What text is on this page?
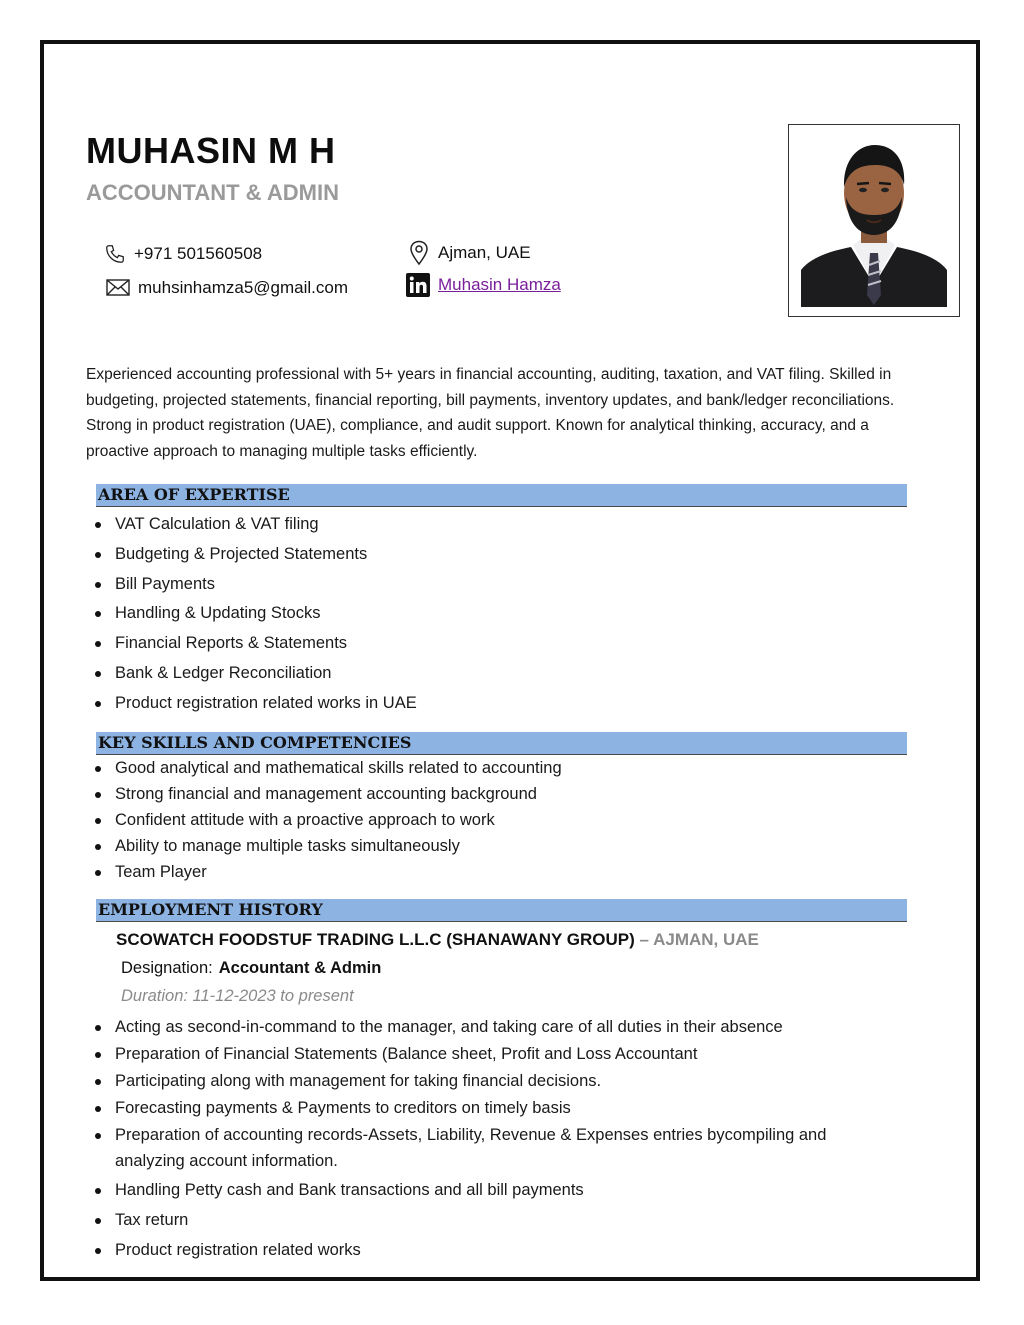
MUHASIN M H
ACCOUNTANT & ADMIN
+971 501560508	Ajman, UAE
muhsinhamza5@gmail.com	Muhasin Hamza

Experienced accounting professional with 5+ years in financial accounting, auditing, taxation, and VAT filing. Skilled in budgeting, projected statements, financial reporting, bill payments, inventory updates, and bank/ledger reconciliations. Strong in product registration (UAE), compliance, and audit support. Known for analytical thinking, accuracy, and a proactive approach to managing multiple tasks efficiently.

AREA OF EXPERTISE
VAT Calculation & VAT filing
Budgeting & Projected Statements
Bill Payments
Handling & Updating Stocks
Financial Reports & Statements
Bank & Ledger Reconciliation
Product registration related works in UAE
KEY SKILLS AND COMPETENCIES
Good analytical and mathematical skills related to accounting
Strong financial and management accounting background
Confident attitude with a proactive approach to work
Ability to manage multiple tasks simultaneously
Team Player
EMPLOYMENT HISTORY
SCOWATCH FOODSTUF TRADING L.L.C (SHANAWANY GROUP) – AJMAN, UAE
Designation: Accountant & Admin
Duration: 11-12-2023 to present
Acting as second-in-command to the manager, and taking care of all duties in their absence
Preparation of Financial Statements (Balance sheet, Profit and Loss Accountant
Participating along with management for taking financial decisions.
Forecasting payments & Payments to creditors on timely basis
Preparation of accounting records-Assets, Liability, Revenue & Expenses entries bycompiling and analyzing account information.
Handling Petty cash and Bank transactions and all bill payments
Tax return
Product registration related works
